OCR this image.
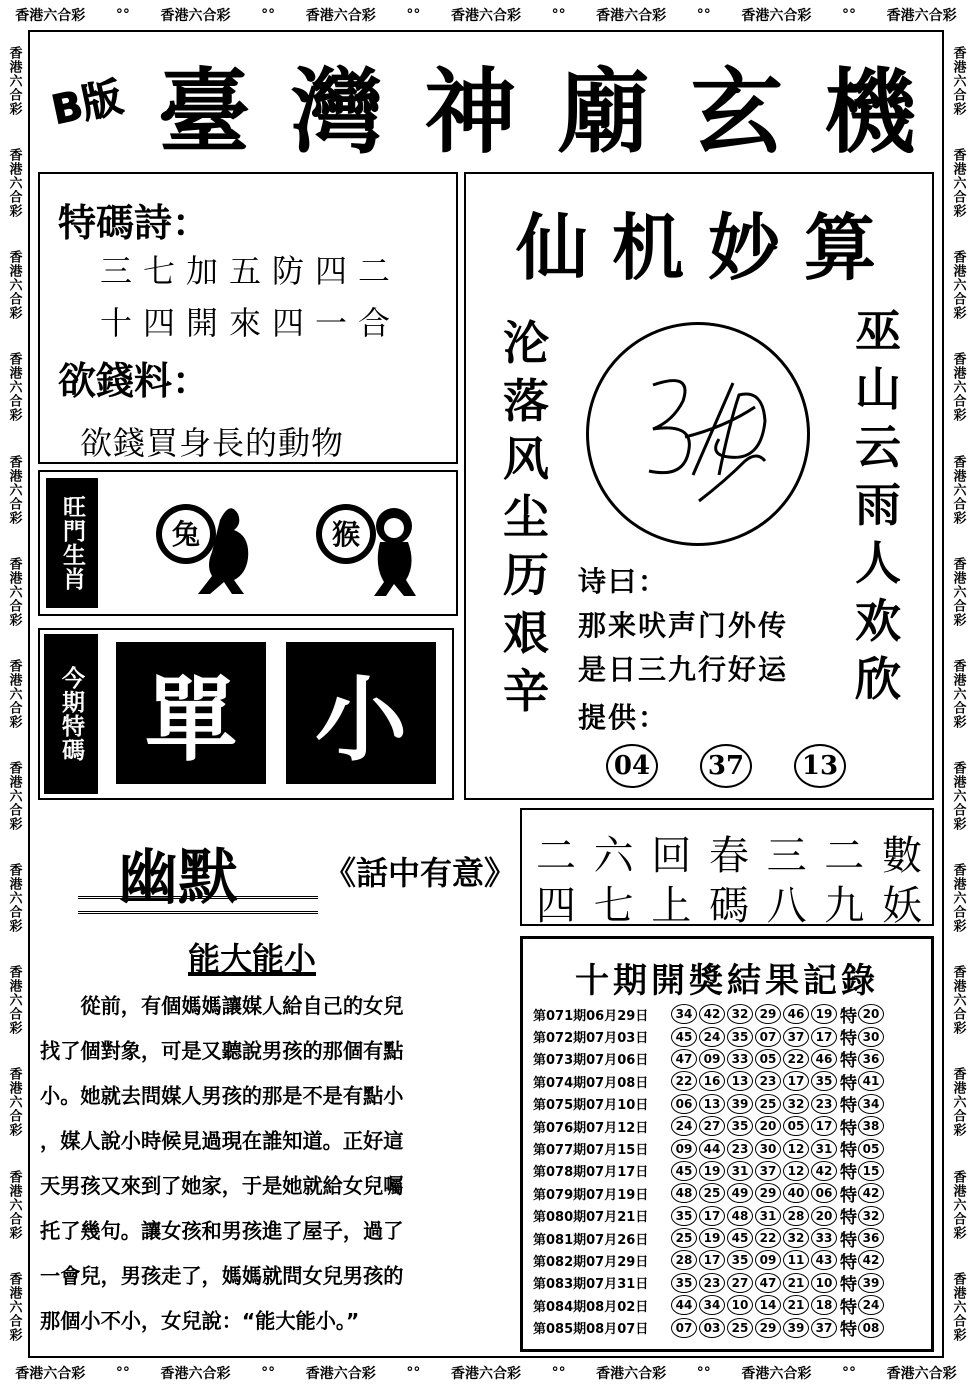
香港六合彩 °° 香港六合彩 °° 香港六合彩 °° 香港六合彩 °° 香港六合彩 °° 香港六合彩 °° 香港六合彩
香港六合彩 °° 香港六合彩 °° 香港六合彩 °° 香港六合彩 °° 香港六合彩 °° 香港六合彩 °° 香港六合彩
香港六合彩
香港六合彩
香港六合彩
香港六合彩
香港六合彩
香港六合彩
香港六合彩
香港六合彩
香港六合彩
香港六合彩
香港六合彩
香港六合彩
香港六合彩
香港六合彩
香港六合彩
香港六合彩
香港六合彩
香港六合彩
香港六合彩
香港六合彩
香港六合彩
香港六合彩
香港六合彩
香港六合彩
香港六合彩
香港六合彩
B版 臺 灣 神 廟 玄 機
特碼詩：
三七加五防四二
十四開來四一合
欲錢料：
欲錢買身長的動物
旺門生肖	兔	猴
今期特碼 單 小
仙 机 妙 算
沦落风尘历艰辛
巫山云雨人欢欣
诗曰：
那来吠声门外传
是日三九行好运
提供：
04	37	13
二 六 回 春 三 二 數
四 七 上 碼 八 九 妖
幽默	《話中有意》
能大能小

　　從前，有個媽媽讓媒人給自己的女兒

找了個對象，可是又聽說男孩的那個有點

小。她就去問媒人男孩的那是不是有點小

，媒人說小時候見過現在誰知道。正好這

天男孩又來到了她家，于是她就給女兒囑

托了幾句。讓女孩和男孩進了屋子，過了

一會兒，男孩走了，媽媽就問女兒男孩的

那個小不小，女兒說：“能大能小。”

十期開獎結果記錄
第071期06月29日	34 42 32 29 46 19 特 20
第072期07月03日	45 24 35 07 37 17 特 30
第073期07月06日	47 09 33 05 22 46 特 36
第074期07月08日	22 16 13 23 17 35 特 41
第075期07月10日	06 13 39 25 32 23 特 34
第076期07月12日	24 27 35 20 05 17 特 38
第077期07月15日	09 44 23 30 12 31 特 05
第078期07月17日	45 19 31 37 12 42 特 15
第079期07月19日	48 25 49 29 40 06 特 42
第080期07月21日	35 17 48 31 28 20 特 32
第081期07月26日	25 19 45 22 32 33 特 36
第082期07月29日	28 17 35 09 11 43 特 42
第083期07月31日	35 23 27 47 21 10 特 39
第084期08月02日	44 34 10 14 21 18 特 24
第085期08月07日	07 03 25 29 39 37 特 08
